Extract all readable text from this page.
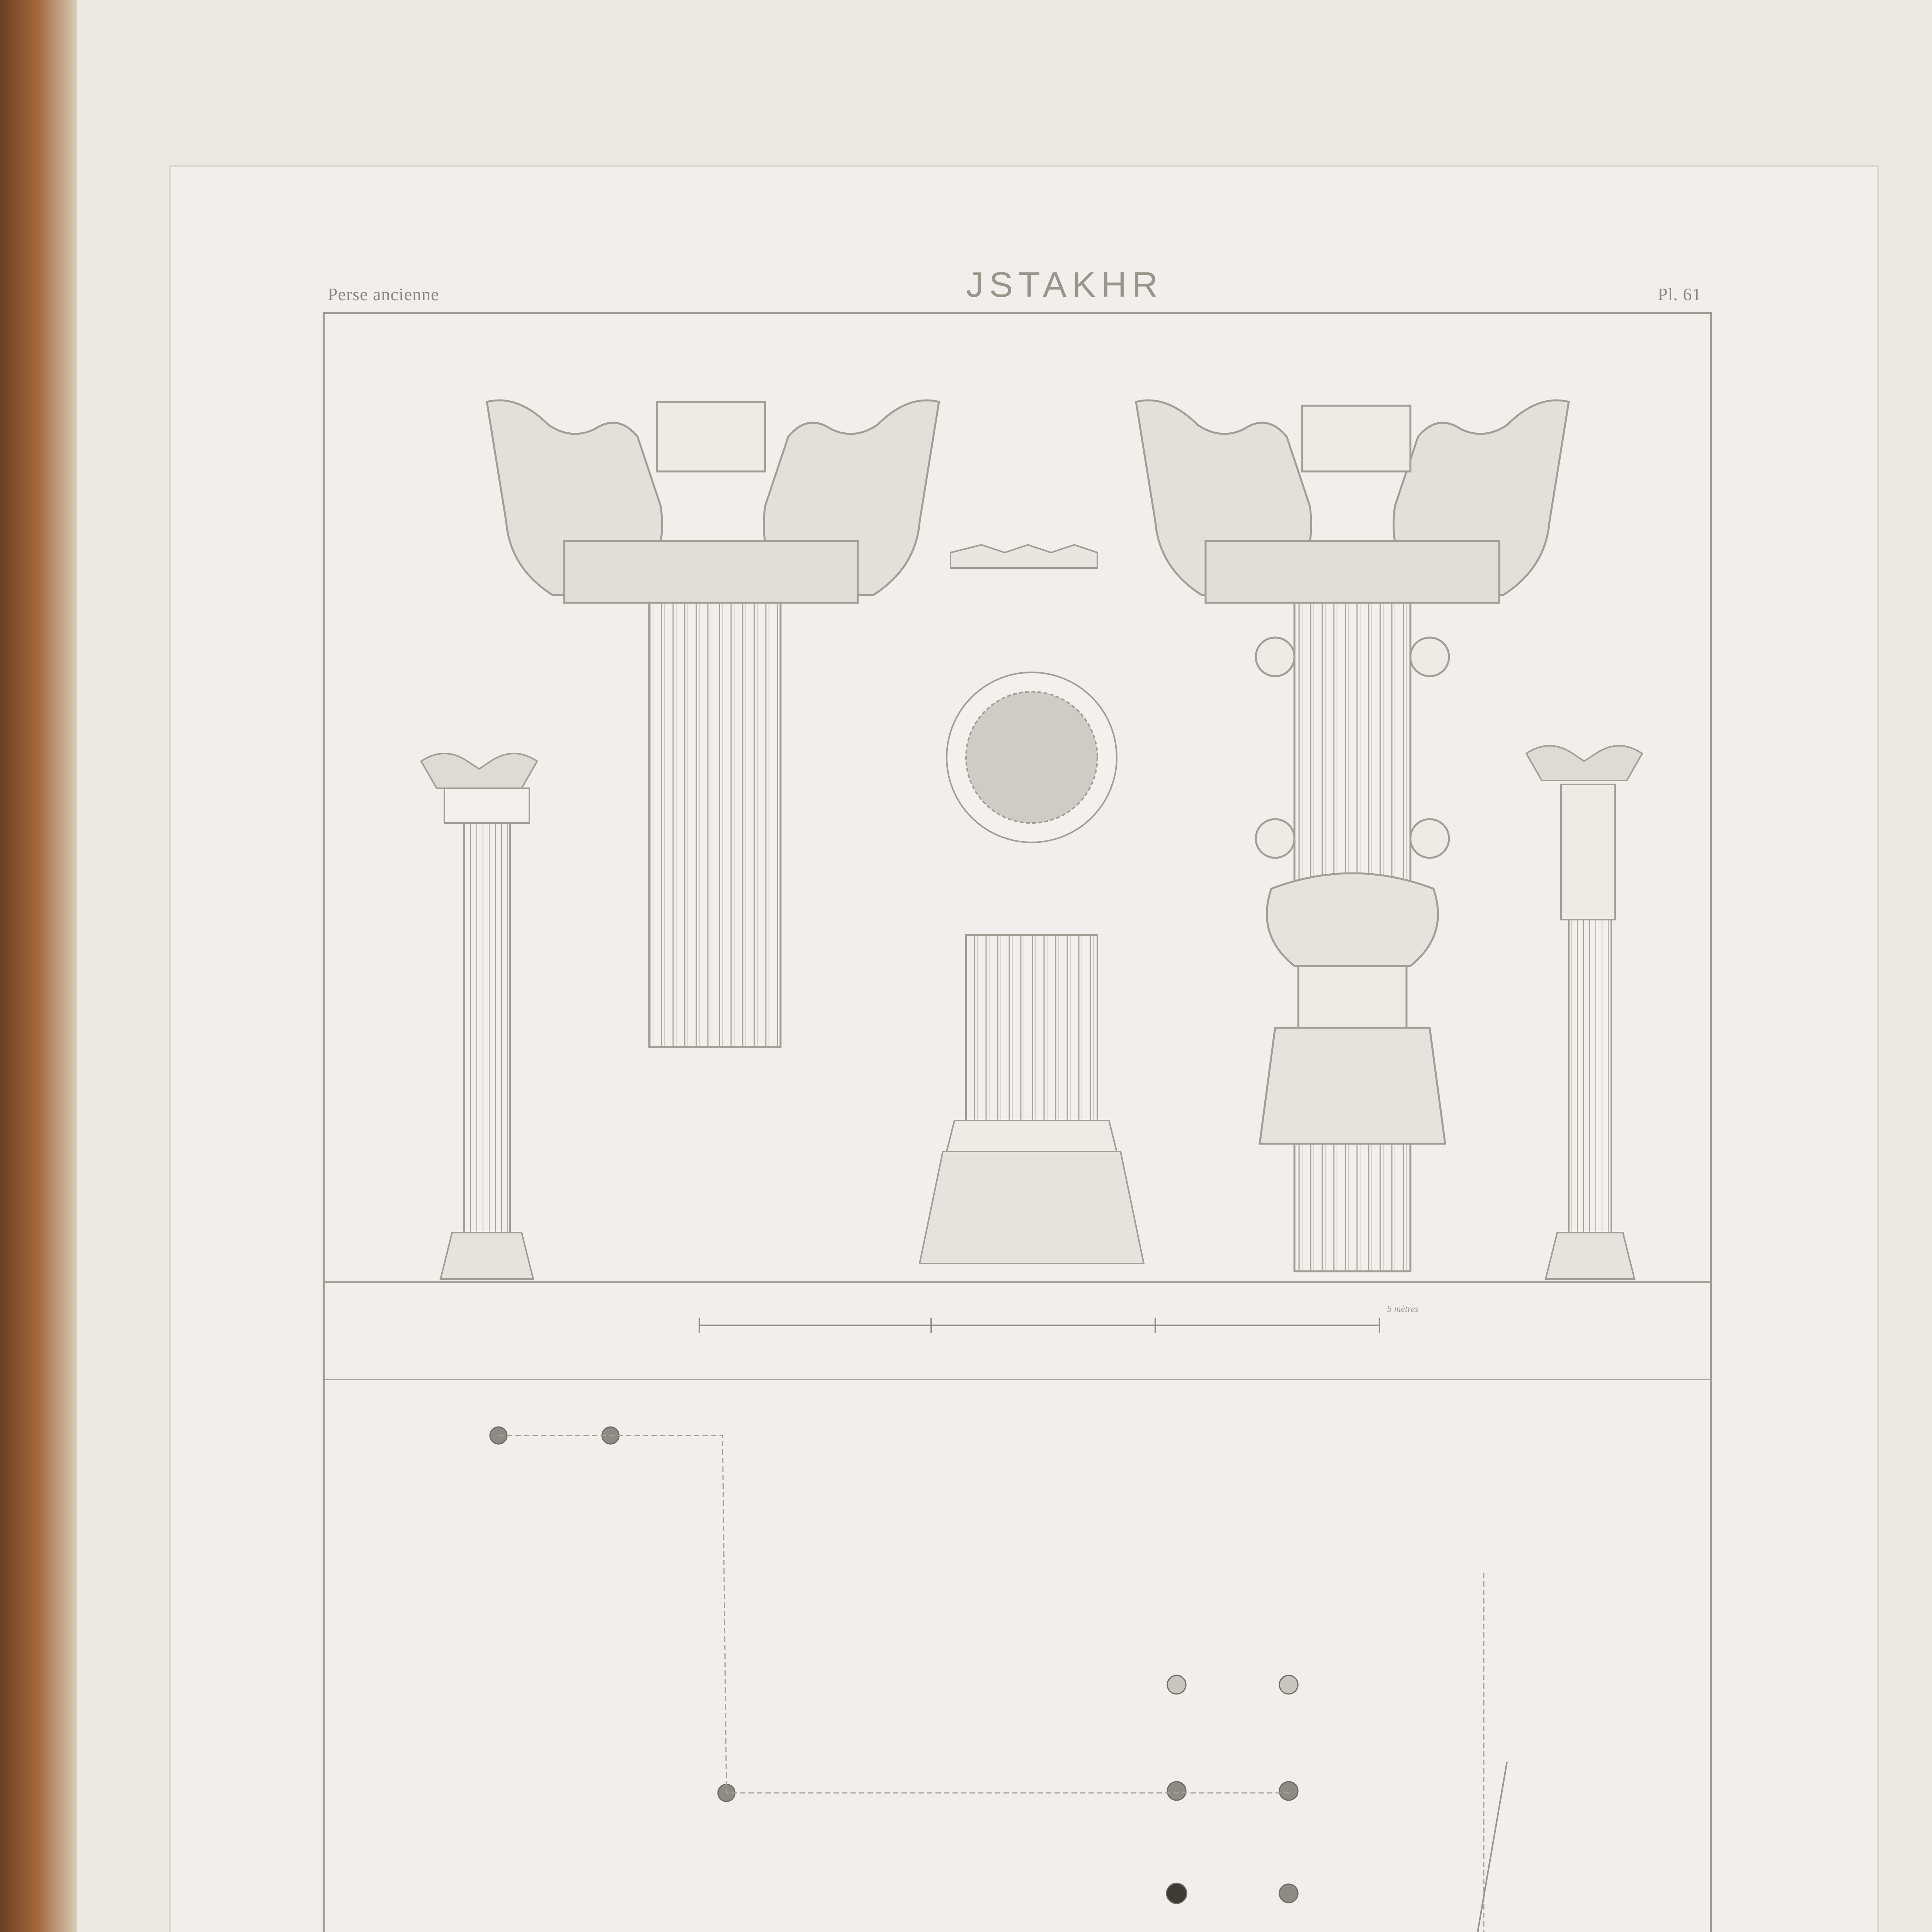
Perse ancienne	JSTAKHR	Pl. 61
5 mètres
